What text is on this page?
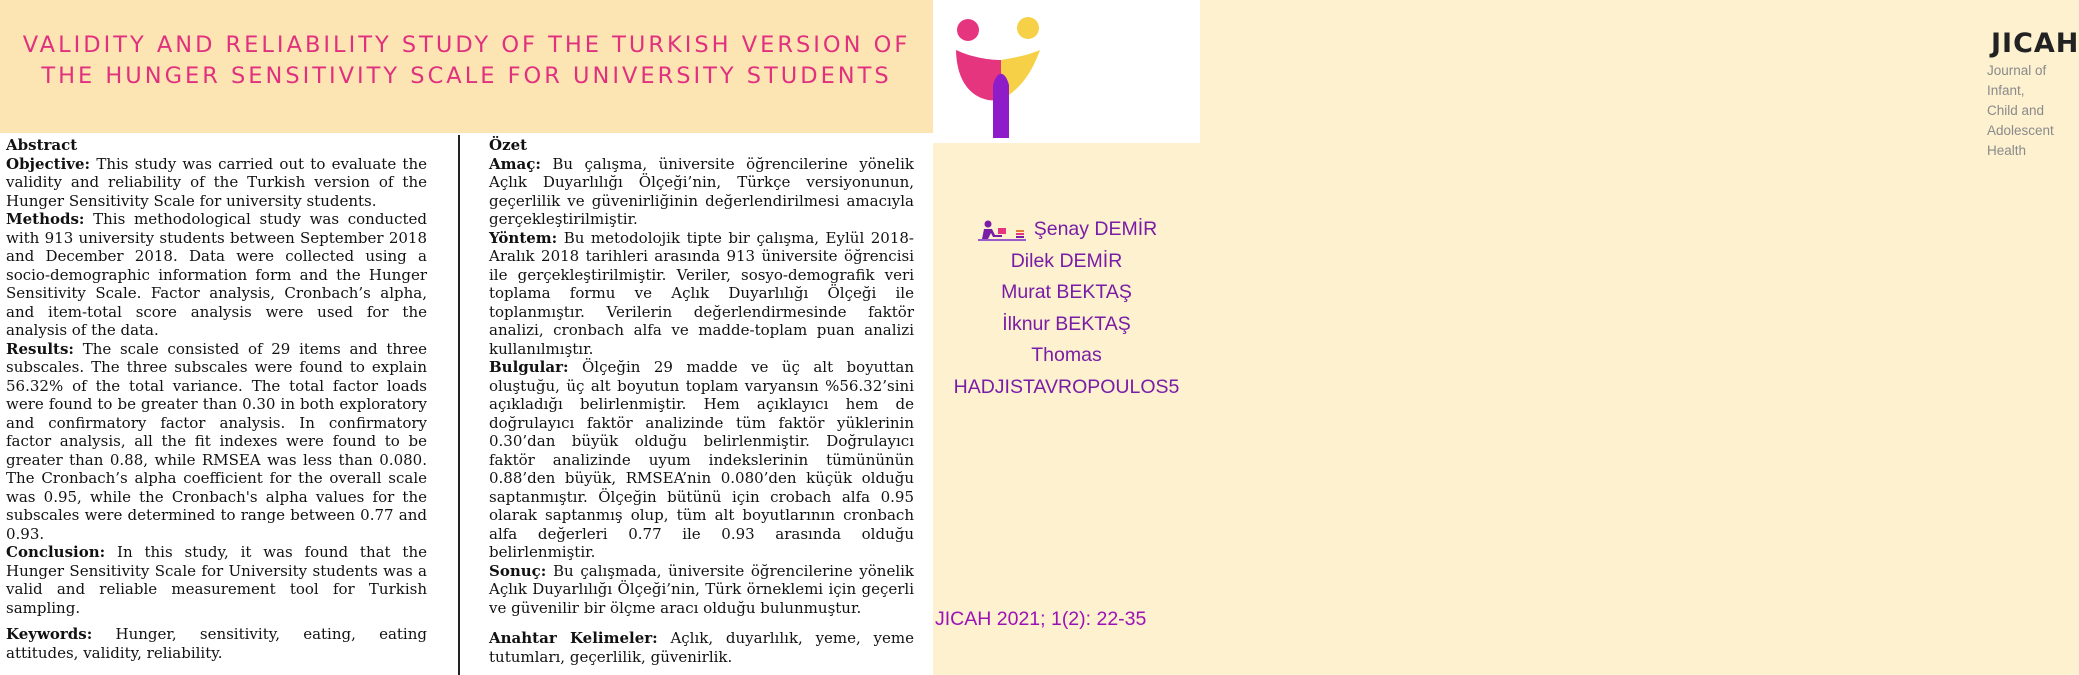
VALIDITY AND RELIABILITY STUDY OF THE TURKISH VERSION OF THE HUNGER SENSITIVITY SCALE FOR UNIVERSITY STUDENTS
JICAH
Journal of Infant,
Child and
Adolescent Health

Abstract

Objective: This study was carried out to evaluate the validity and reliability of the Turkish version of the Hunger Sensitivity Scale for university students.

Methods: This methodological study was conducted with 913 university students between September 2018 and December 2018. Data were collected using a socio-demographic information form and the Hunger Sensitivity Scale. Factor analysis, Cronbach’s alpha, and item-total score analysis were used for the analysis of the data.

Results: The scale consisted of 29 items and three subscales. The three subscales were found to explain 56.32% of the total variance. The total factor loads were found to be greater than 0.30 in both exploratory and confirmatory factor analysis. In confirmatory factor analysis, all the fit indexes were found to be greater than 0.88, while RMSEA was less than 0.080. The Cronbach’s alpha coefficient for the overall scale was 0.95, while the Cronbach's alpha values for the subscales were determined to range between 0.77 and 0.93.

Conclusion: In this study, it was found that the Hunger Sensitivity Scale for University students was a valid and reliable measurement tool for Turkish sampling.

Keywords: Hunger, sensitivity, eating, eating attitudes, validity, reliability.

Özet

Amaç: Bu çalışma, üniversite öğrencilerine yönelik Açlık Duyarlılığı Ölçeği’nin, Türkçe versiyonunun, geçerlilik ve güvenirliğinin değerlendirilmesi amacıyla gerçekleştirilmiştir.

Yöntem: Bu metodolojik tipte bir çalışma, Eylül 2018-Aralık 2018 tarihleri arasında 913 üniversite öğrencisi ile gerçekleştirilmiştir. Veriler, sosyo-demografik veri toplama formu ve Açlık Duyarlılığı Ölçeği ile toplanmıştır. Verilerin değerlendirmesinde faktör analizi, cronbach alfa ve madde-toplam puan analizi kullanılmıştır.

Bulgular: Ölçeğin 29 madde ve üç alt boyuttan oluştuğu, üç alt boyutun toplam varyansın %56.32’sini açıkladığı belirlenmiştir. Hem açıklayıcı hem de doğrulayıcı faktör analizinde tüm faktör yüklerinin 0.30’dan büyük olduğu belirlenmiştir. Doğrulayıcı faktör analizinde uyum indekslerinin tümününün 0.88’den büyük, RMSEA’nin 0.080’den küçük olduğu saptanmıştır. Ölçeğin bütünü için crobach alfa 0.95 olarak saptanmış olup, tüm alt boyutlarının cronbach alfa değerleri 0.77 ile 0.93 arasında olduğu belirlenmiştir.

Sonuç: Bu çalışmada, üniversite öğrencilerine yönelik Açlık Duyarlılığı Ölçeği’nin, Türk örneklemi için geçerli ve güvenilir bir ölçme aracı olduğu bulunmuştur.

Anahtar Kelimeler: Açlık, duyarlılık, yeme, yeme tutumları, geçerlilik, güvenirlik.

Şenay DEMİR
Dilek DEMİR
Murat BEKTAŞ
İlknur BEKTAŞ
Thomas
HADJISTAVROPOULOS5
JICAH 2021; 1(2): 22-35
